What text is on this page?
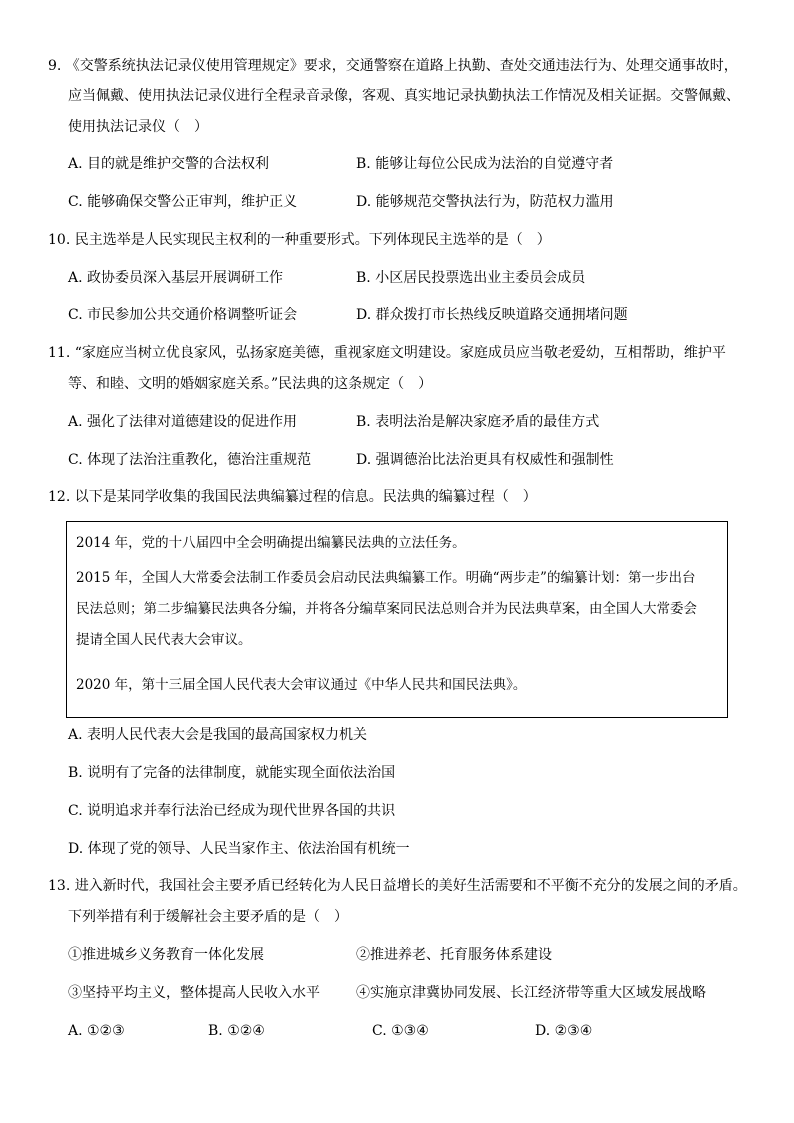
9. 《交警系统执法记录仪使用管理规定》要求，交通警察在道路上执勤、查处交通违法行为、处理交通事故时，
应当佩戴、使用执法记录仪进行全程录音录像，客观、真实地记录执勤执法工作情况及相关证据。交警佩戴、
使用执法记录仪（　）
A. 目的就是维护交警的合法权利	B. 能够让每位公民成为法治的自觉遵守者
C. 能够确保交警公正审判，维护正义	D. 能够规范交警执法行为，防范权力滥用
10. 民主选举是人民实现民主权利的一种重要形式。下列体现民主选举的是（　）
A. 政协委员深入基层开展调研工作	B. 小区居民投票选出业主委员会成员
C. 市民参加公共交通价格调整听证会	D. 群众拨打市长热线反映道路交通拥堵问题
11. “家庭应当树立优良家风，弘扬家庭美德，重视家庭文明建设。家庭成员应当敬老爱幼，互相帮助，维护平
等、和睦、文明的婚姻家庭关系。”民法典的这条规定（　）
A. 强化了法律对道德建设的促进作用	B. 表明法治是解决家庭矛盾的最佳方式
C. 体现了法治注重教化，德治注重规范	D. 强调德治比法治更具有权威性和强制性
12. 以下是某同学收集的我国民法典编纂过程的信息。民法典的编纂过程（　）
2014 年，党的十八届四中全会明确提出编纂民法典的立法任务。
2015 年，全国人大常委会法制工作委员会启动民法典编纂工作。明确“两步走”的编纂计划：第一步出台
民法总则；第二步编纂民法典各分编，并将各分编草案同民法总则合并为民法典草案，由全国人大常委会
提请全国人民代表大会审议。
2020 年，第十三届全国人民代表大会审议通过《中华人民共和国民法典》。
A. 表明人民代表大会是我国的最高国家权力机关
B. 说明有了完备的法律制度，就能实现全面依法治国
C. 说明追求并奉行法治已经成为现代世界各国的共识
D. 体现了党的领导、人民当家作主、依法治国有机统一
13. 进入新时代，我国社会主要矛盾已经转化为人民日益增长的美好生活需要和不平衡不充分的发展之间的矛盾。
下列举措有利于缓解社会主要矛盾的是（　）
①推进城乡义务教育一体化发展	②推进养老、托育服务体系建设
③坚持平均主义，整体提高人民收入水平	④实施京津冀协同发展、长江经济带等重大区域发展战略
A. ①②③	B. ①②④	C. ①③④	D. ②③④
